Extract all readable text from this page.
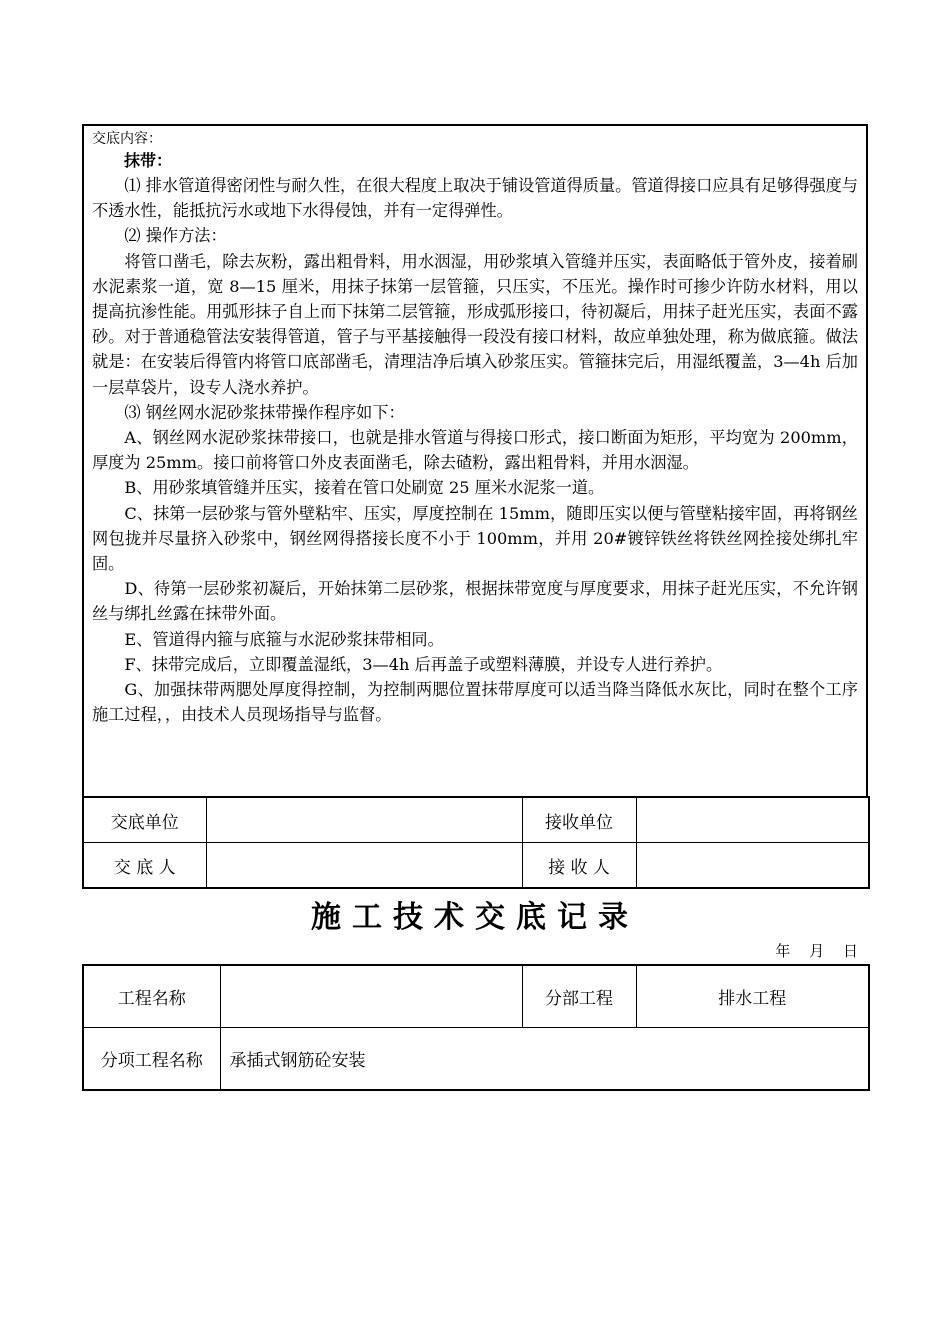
交底内容：

抹带：

⑴ 排水管道得密闭性与耐久性，在很大程度上取决于铺设管道得质量。管道得接口应具有足够得强度与不透水性，能抵抗污水或地下水得侵蚀，并有一定得弹性。

⑵ 操作方法：

将管口凿毛，除去灰粉，露出粗骨料，用水洇湿，用砂浆填入管缝并压实，表面略低于管外皮，接着刷水泥素浆一道，宽 8—15 厘米，用抹子抹第一层管箍，只压实，不压光。操作时可掺少许防水材料，用以提高抗渗性能。用弧形抹子自上而下抹第二层管箍，形成弧形接口，待初凝后，用抹子赶光压实，表面不露砂。对于普通稳管法安装得管道，管子与平基接触得一段没有接口材料，故应单独处理，称为做底箍。做法就是：在安装后得管内将管口底部凿毛，清理洁净后填入砂浆压实。管箍抹完后，用湿纸覆盖，3—4h 后加一层草袋片，设专人浇水养护。

⑶ 钢丝网水泥砂浆抹带操作程序如下：

A、钢丝网水泥砂浆抹带接口，也就是排水管道与得接口形式，接口断面为矩形，平均宽为 200mm，厚度为 25mm。接口前将管口外皮表面凿毛，除去碴粉，露出粗骨料，并用水洇湿。

B、用砂浆填管缝并压实，接着在管口处刷宽 25 厘米水泥浆一道。

C、抹第一层砂浆与管外壁粘牢、压实，厚度控制在 15mm，随即压实以便与管壁粘接牢固，再将钢丝网包拢并尽量挤入砂浆中，钢丝网得搭接长度不小于 100mm，并用 20#镀锌铁丝将铁丝网拴接处绑扎牢固。

D、待第一层砂浆初凝后，开始抹第二层砂浆，根据抹带宽度与厚度要求，用抹子赶光压实，不允许钢丝与绑扎丝露在抹带外面。

E、管道得内箍与底箍与水泥砂浆抹带相同。

F、抹带完成后，立即覆盖湿纸，3—4h 后再盖子或塑料薄膜，并设专人进行养护。

G、加强抹带两腮处厚度得控制，为控制两腮位置抹带厚度可以适当降当降低水灰比，同时在整个工序施工过程，，由技术人员现场指导与监督。

交底单位		接收单位	
交 底 人		接 收 人	
施工技术交底记录
年 月 日
工程名称		分部工程	排水工程
分项工程名称	承插式钢筋砼安装		
